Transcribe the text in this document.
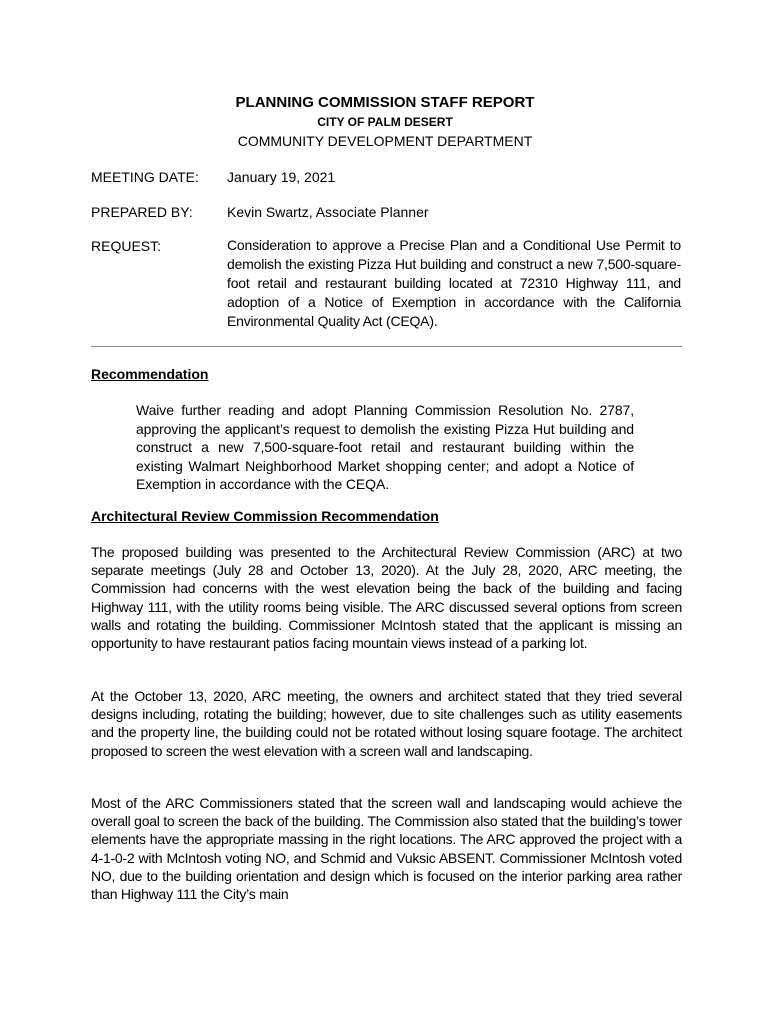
PLANNING COMMISSION STAFF REPORT
CITY OF PALM DESERT
COMMUNITY DEVELOPMENT DEPARTMENT
MEETING DATE: January 19, 2021
PREPARED BY: Kevin Swartz, Associate Planner
REQUEST:	Consideration to approve a Precise Plan and a Conditional Use Permit to demolish the existing Pizza Hut building and construct a new 7,500-square-foot retail and restaurant building located at 72310 Highway 111, and adoption of a Notice of Exemption in accordance with the California Environmental Quality Act (CEQA).
Recommendation
Waive further reading and adopt Planning Commission Resolution No. 2787, approving the applicant’s request to demolish the existing Pizza Hut building and construct a new 7,500-square-foot retail and restaurant building within the existing Walmart Neighborhood Market shopping center; and adopt a Notice of Exemption in accordance with the CEQA.
Architectural Review Commission Recommendation
The proposed building was presented to the Architectural Review Commission (ARC) at two separate meetings (July 28 and October 13, 2020). At the July 28, 2020, ARC meeting, the Commission had concerns with the west elevation being the back of the building and facing Highway 111, with the utility rooms being visible. The ARC discussed several options from screen walls and rotating the building. Commissioner McIntosh stated that the applicant is missing an opportunity to have restaurant patios facing mountain views instead of a parking lot.
At the October 13, 2020, ARC meeting, the owners and architect stated that they tried several designs including, rotating the building; however, due to site challenges such as utility easements and the property line, the building could not be rotated without losing square footage. The architect proposed to screen the west elevation with a screen wall and landscaping.
Most of the ARC Commissioners stated that the screen wall and landscaping would achieve the overall goal to screen the back of the building. The Commission also stated that the building’s tower elements have the appropriate massing in the right locations. The ARC approved the project with a 4-1-0-2 with McIntosh voting NO, and Schmid and Vuksic ABSENT. Commissioner McIntosh voted NO, due to the building orientation and design which is focused on the interior parking area rather than Highway 111 the City’s main
